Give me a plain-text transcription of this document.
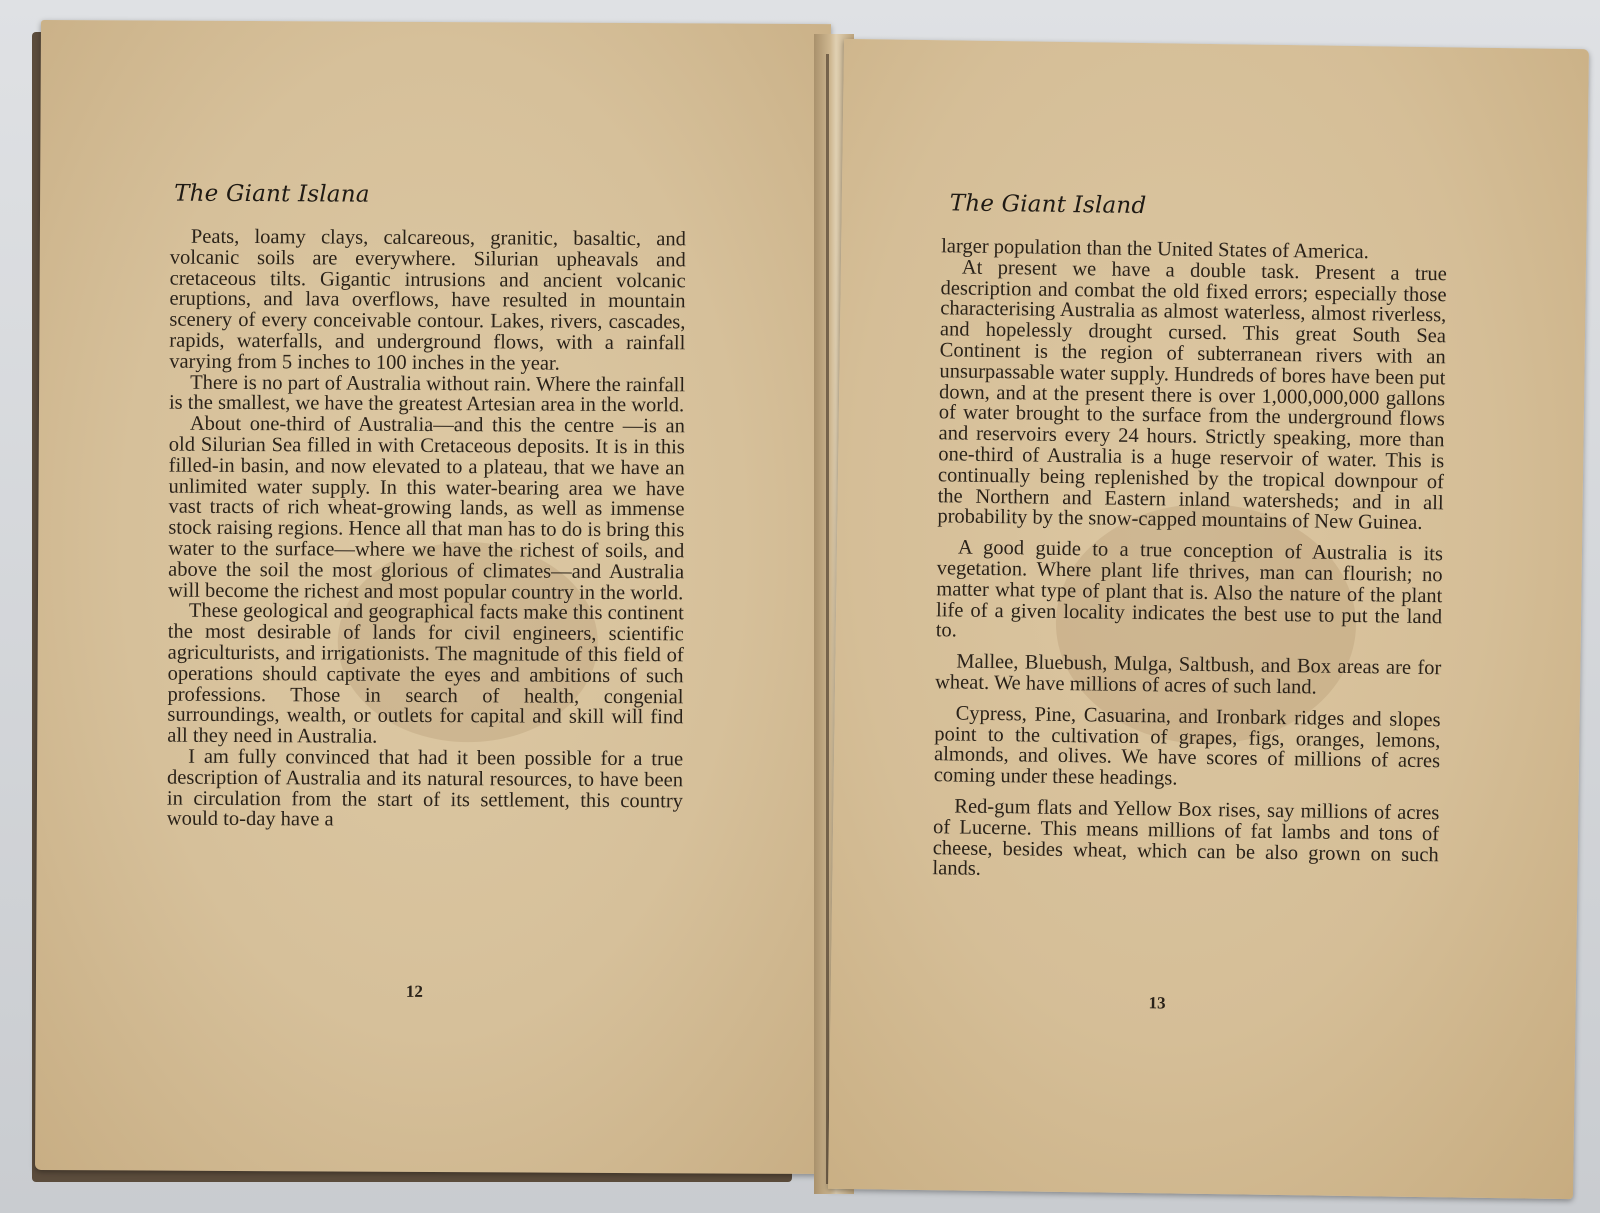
The Giant Islana

Peats, loamy clays, calcareous, granitic, basaltic, and volcanic soils are everywhere. Silurian upheavals and cretaceous tilts. Gigantic intrusions and ancient volcanic eruptions, and lava overflows, have resulted in mountain scenery of every conceivable contour. Lakes, rivers, cascades, rapids, waterfalls, and underground flows, with a rainfall varying from 5 inches to 100 inches in the year.

There is no part of Australia without rain. Where the rainfall is the smallest, we have the greatest Artesian area in the world.

About one-third of Australia—and this the centre —is an old Silurian Sea filled in with Cretaceous deposits. It is in this filled-in basin, and now elevated to a plateau, that we have an unlimited water supply. In this water-bearing area we have vast tracts of rich wheat-growing lands, as well as immense stock raising regions. Hence all that man has to do is bring this water to the surface—where we have the richest of soils, and above the soil the most glorious of climates—and Australia will become the richest and most popular country in the world.

These geological and geographical facts make this continent the most desirable of lands for civil engineers, scientific agriculturists, and irrigationists. The magnitude of this field of operations should captivate the eyes and ambitions of such professions. Those in search of health, congenial surroundings, wealth, or outlets for capital and skill will find all they need in Australia.

I am fully convinced that had it been possible for a true description of Australia and its natural resources, to have been in circulation from the start of its settlement, this country would to-day have a

12
The Giant Island

larger population than the United States of America.

At present we have a double task. Present a true description and combat the old fixed errors; especially those characterising Australia as almost waterless, almost riverless, and hopelessly drought cursed. This great South Sea Continent is the region of subterranean rivers with an unsurpassable water supply. Hundreds of bores have been put down, and at the present there is over 1,000,000,000 gallons of water brought to the surface from the underground flows and reservoirs every 24 hours. Strictly speaking, more than one-third of Australia is a huge reservoir of water. This is continually being replenished by the tropical downpour of the Northern and Eastern inland watersheds; and in all probability by the snow-capped mountains of New Guinea.

A good guide to a true conception of Australia is its vegetation. Where plant life thrives, man can flourish; no matter what type of plant that is. Also the nature of the plant life of a given locality indicates the best use to put the land to.

Mallee, Bluebush, Mulga, Saltbush, and Box areas are for wheat. We have millions of acres of such land.

Cypress, Pine, Casuarina, and Ironbark ridges and slopes point to the cultivation of grapes, figs, oranges, lemons, almonds, and olives. We have scores of millions of acres coming under these headings.

Red-gum flats and Yellow Box rises, say millions of acres of Lucerne. This means millions of fat lambs and tons of cheese, besides wheat, which can be also grown on such lands.

13
